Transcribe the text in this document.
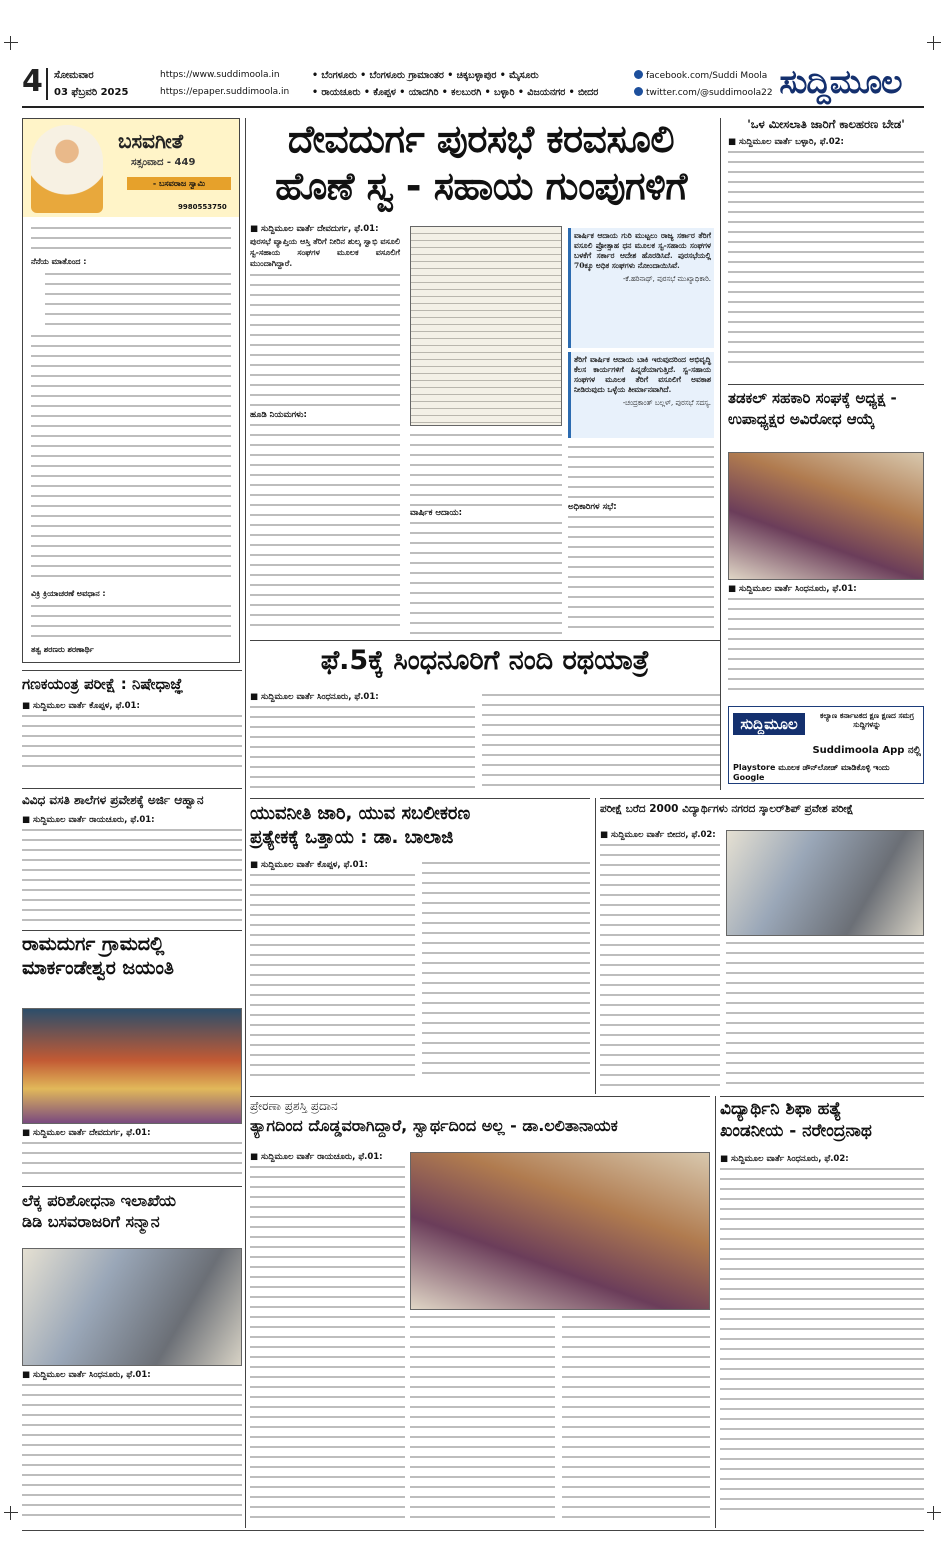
4 ಸೋಮವಾರ
03 ಫೆಬ್ರವರಿ 2025
https://www.suddimoola.in
https://epaper.suddimoola.in
• ಬೆಂಗಳೂರು • ಬೆಂಗಳೂರು ಗ್ರಾಮಾಂತರ • ಚಿಕ್ಕಬಳ್ಳಾಪುರ • ಮೈಸೂರು
• ರಾಯಚೂರು • ಕೊಪ್ಪಳ • ಯಾದಗಿರಿ • ಕಲಬುರಗಿ • ಬಳ್ಳಾರಿ • ವಿಜಯನಗರ • ಬೀದರ
facebook.com/Suddi Moola
twitter.com/@suddimoola22 ಸುದ್ದಿಮೂಲ
ಬಸವಗೀತೆ
ಸತ್ಸಂವಾದ - 449
- ಬಸವರಾಜ ಸ್ವಾಮಿ
9980553750
ನೆನೆಯ ಮಾತೊಂದ :
ವಿಕ್ರಿ ಕ್ರಿಯಾಚರಣೆ ಅವಧಾನ :
ತತ್ವ ಶರಣರು ಶರಣಾರ್ಥಿ
ದೇವದುರ್ಗ ಪುರಸಭೆ ಕರವಸೂಲಿ
ಹೊಣೆ ಸ್ವ - ಸಹಾಯ ಗುಂಪುಗಳಿಗೆ
■ ಸುದ್ದಿಮೂಲ ವಾರ್ತೆ ದೇವದುರ್ಗ, ಫೆ.01:
ಪುರಸಭೆ ವ್ಯಾಪ್ತಿಯ ಆಸ್ತಿ ತೆರಿಗೆ ನೀರಿನ ಶುಲ್ಕ ಸ್ವಾಭಿ ವಸೂಲಿ ಸ್ವ-ಸಹಾಯ ಸಂಘಗಳ ಮೂಲಕ ವಸೂಲಿಗೆ ಮುಂದಾಗಿದ್ದಾರೆ.
ಹೂಡಿ ನಿಯಮಗಳು:
ವಾರ್ಷಿಕ ಆದಾಯ:
ವಾರ್ಷಿಕ ಆದಾಯ ಗುರಿ ಮುಟ್ಟಲು ರಾಜ್ಯ ಸರ್ಕಾರ ತೆರಿಗೆ ವಸೂಲಿ ಪ್ರೋತ್ಸಾಹ ಧನ ಮೂಲಕ ಸ್ವ-ಸಹಾಯ ಸಂಘಗಳ ಬಳಕೆಗೆ ಸರ್ಕಾರ ಆದೇಶ ಹೊರಡಿಸಿದೆ. ಪುರಸಭೆಯಲ್ಲಿ 70ಕ್ಕೂ ಅಧಿಕ ಸಂಘಗಳು ನೋಂದಾಯಿಸಿವೆ.
-ಕೆ.ಹರಿನಾಥ್, ಪುರಸಭೆ ಮುಖ್ಯಾಧಿಕಾರಿ.
ತೆರಿಗೆ ವಾರ್ಷಿಕ ಆದಾಯ ಬಾಕಿ ಇರುವುದರಿಂದ ಅಭಿವೃದ್ಧಿ ಕೆಲಸ ಕಾರ್ಯಗಳಿಗೆ ಹಿನ್ನಡೆಯಾಗುತ್ತಿದೆ. ಸ್ವ-ಸಹಾಯ ಸಂಘಗಳ ಮೂಲಕ ತೆರಿಗೆ ವಸೂಲಿಗೆ ಅವಕಾಶ ನೀಡಿರುವುದು ಒಳ್ಳೆಯ ತೀರ್ಮಾನವಾಗಿದೆ.
-ಚಂದ್ರಕಾಂತ್ ಬಲ್ಲಳ್, ಪುರಸಭೆ ಸದಸ್ಯ.
ಅಧಿಕಾರಿಗಳ ಸಭೆ:
'ಒಳ ಮೀಸಲಾತಿ ಜಾರಿಗೆ ಕಾಲಹರಣ ಬೇಡ'
■ ಸುದ್ದಿಮೂಲ ವಾರ್ತೆ ಬಳ್ಳಾರಿ, ಫೆ.02:
ತಡಕಲ್ ಸಹಕಾರಿ ಸಂಘಕ್ಕೆ ಅಧ್ಯಕ್ಷ -
ಉಪಾಧ್ಯಕ್ಷರ ಅವಿರೋಧ ಆಯ್ಕೆ
■ ಸುದ್ದಿಮೂಲ ವಾರ್ತೆ ಸಿಂಧನೂರು, ಫೆ.01:
ಸುದ್ದಿಮೂಲ	ಕಲ್ಯಾಣ ಕರ್ನಾಟಕದ ಕ್ಷಣ ಕ್ಷಣದ ಸಮಗ್ರ ಸುದ್ದಿಗಳನ್ನು
Suddimoola App ನಲ್ಲಿ
Playstore ಮೂಲಕ ಡೌನ್‌ಲೋಡ್ ಮಾಡಿಕೊಳ್ಳಿ ಇಂದು Google
ಫೆ.5ಕ್ಕೆ ಸಿಂಧನೂರಿಗೆ ನಂದಿ ರಥಯಾತ್ರೆ
■ ಸುದ್ದಿಮೂಲ ವಾರ್ತೆ ಸಿಂಧನೂರು, ಫೆ.01:
ಗಣಕಯಂತ್ರ ಪರೀಕ್ಷೆ : ನಿಷೇಧಾಜ್ಞೆ
■ ಸುದ್ದಿಮೂಲ ವಾರ್ತೆ ಕೊಪ್ಪಳ, ಫೆ.01:
ವಿವಿಧ ವಸತಿ ಶಾಲೆಗಳ ಪ್ರವೇಶಕ್ಕೆ ಅರ್ಜಿ ಆಹ್ವಾನ
■ ಸುದ್ದಿಮೂಲ ವಾರ್ತೆ ರಾಯಚೂರು, ಫೆ.01:
ರಾಮದುರ್ಗ ಗ್ರಾಮದಲ್ಲಿ
ಮಾರ್ಕಂಡೇಶ್ವರ ಜಯಂತಿ
■ ಸುದ್ದಿಮೂಲ ವಾರ್ತೆ ದೇವದುರ್ಗ, ಫೆ.01:
ಲೆಕ್ಕ ಪರಿಶೋಧನಾ ಇಲಾಖೆಯ
ಡಿಡಿ ಬಸವರಾಜರಿಗೆ ಸನ್ಮಾನ
■ ಸುದ್ದಿಮೂಲ ವಾರ್ತೆ ಸಿಂಧನೂರು, ಫೆ.01:
ಯುವನೀತಿ ಜಾರಿ, ಯುವ ಸಬಲೀಕರಣ
ಪ್ರತ್ಯೇಕಕ್ಕೆ ಒತ್ತಾಯ : ಡಾ. ಬಾಲಾಜಿ
■ ಸುದ್ದಿಮೂಲ ವಾರ್ತೆ ಕೊಪ್ಪಳ, ಫೆ.01:
ಪರೀಕ್ಷೆ ಬರೆದ 2000 ವಿದ್ಯಾರ್ಥಿಗಳು ನಗರದ ಸ್ಕಾಲರ್‌ಶಿಪ್ ಪ್ರವೇಶ ಪರೀಕ್ಷೆ
■ ಸುದ್ದಿಮೂಲ ವಾರ್ತೆ ಬೀದರ, ಫೆ.02:
ಪ್ರೇರಣಾ ಪ್ರಶಸ್ತಿ ಪ್ರದಾನ
ತ್ಯಾಗದಿಂದ ದೊಡ್ಡವರಾಗಿದ್ದಾರೆ, ಸ್ವಾರ್ಥದಿಂದ ಅಲ್ಲ - ಡಾ.ಲಲಿತಾನಾಯಕ
■ ಸುದ್ದಿಮೂಲ ವಾರ್ತೆ ರಾಯಚೂರು, ಫೆ.01:
ವಿದ್ಯಾರ್ಥಿನಿ ಶಿಫಾ ಹತ್ಯೆ
ಖಂಡನೀಯ - ನರೇಂದ್ರನಾಥ
■ ಸುದ್ದಿಮೂಲ ವಾರ್ತೆ ಸಿಂಧನೂರು, ಫೆ.02:
